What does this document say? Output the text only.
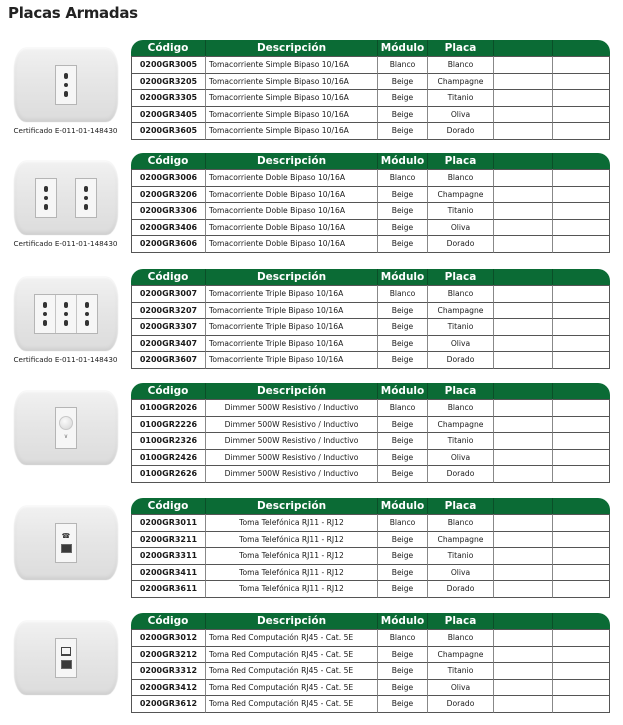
Placas Armadas
Certificado E-011-01-148430
Código	Descripción	Módulo	Placa		
0200GR3005	Tomacorriente Simple Bipaso 10/16A	Blanco	Blanco		
0200GR3205	Tomacorriente Simple Bipaso 10/16A	Beige	Champagne		
0200GR3305	Tomacorriente Simple Bipaso 10/16A	Beige	Titanio		
0200GR3405	Tomacorriente Simple Bipaso 10/16A	Beige	Oliva		
0200GR3605	Tomacorriente Simple Bipaso 10/16A	Beige	Dorado		
Certificado E-011-01-148430
Código	Descripción	Módulo	Placa		
0200GR3006	Tomacorriente Doble Bipaso 10/16A	Blanco	Blanco		
0200GR3206	Tomacorriente Doble Bipaso 10/16A	Beige	Champagne		
0200GR3306	Tomacorriente Doble Bipaso 10/16A	Beige	Titanio		
0200GR3406	Tomacorriente Doble Bipaso 10/16A	Beige	Oliva		
0200GR3606	Tomacorriente Doble Bipaso 10/16A	Beige	Dorado		
Certificado E-011-01-148430
Código	Descripción	Módulo	Placa		
0200GR3007	Tomacorriente Triple Bipaso 10/16A	Blanco	Blanco		
0200GR3207	Tomacorriente Triple Bipaso 10/16A	Beige	Champagne		
0200GR3307	Tomacorriente Triple Bipaso 10/16A	Beige	Titanio		
0200GR3407	Tomacorriente Triple Bipaso 10/16A	Beige	Oliva		
0200GR3607	Tomacorriente Triple Bipaso 10/16A	Beige	Dorado		
∨
Código	Descripción	Módulo	Placa		
0100GR2026	Dimmer 500W Resistivo / Inductivo	Blanco	Blanco		
0100GR2226	Dimmer 500W Resistivo / Inductivo	Beige	Champagne		
0100GR2326	Dimmer 500W Resistivo / Inductivo	Beige	Titanio		
0100GR2426	Dimmer 500W Resistivo / Inductivo	Beige	Oliva		
0100GR2626	Dimmer 500W Resistivo / Inductivo	Beige	Dorado		
☎
Código	Descripción	Módulo	Placa		
0200GR3011	Toma Telefónica RJ11 - RJ12	Blanco	Blanco		
0200GR3211	Toma Telefónica RJ11 - RJ12	Beige	Champagne		
0200GR3311	Toma Telefónica RJ11 - RJ12	Beige	Titanio		
0200GR3411	Toma Telefónica RJ11 - RJ12	Beige	Oliva		
0200GR3611	Toma Telefónica RJ11 - RJ12	Beige	Dorado		
Código	Descripción	Módulo	Placa		
0200GR3012	Toma Red Computación RJ45 - Cat. 5E	Blanco	Blanco		
0200GR3212	Toma Red Computación RJ45 - Cat. 5E	Beige	Champagne		
0200GR3312	Toma Red Computación RJ45 - Cat. 5E	Beige	Titanio		
0200GR3412	Toma Red Computación RJ45 - Cat. 5E	Beige	Oliva		
0200GR3612	Toma Red Computación RJ45 - Cat. 5E	Beige	Dorado		
